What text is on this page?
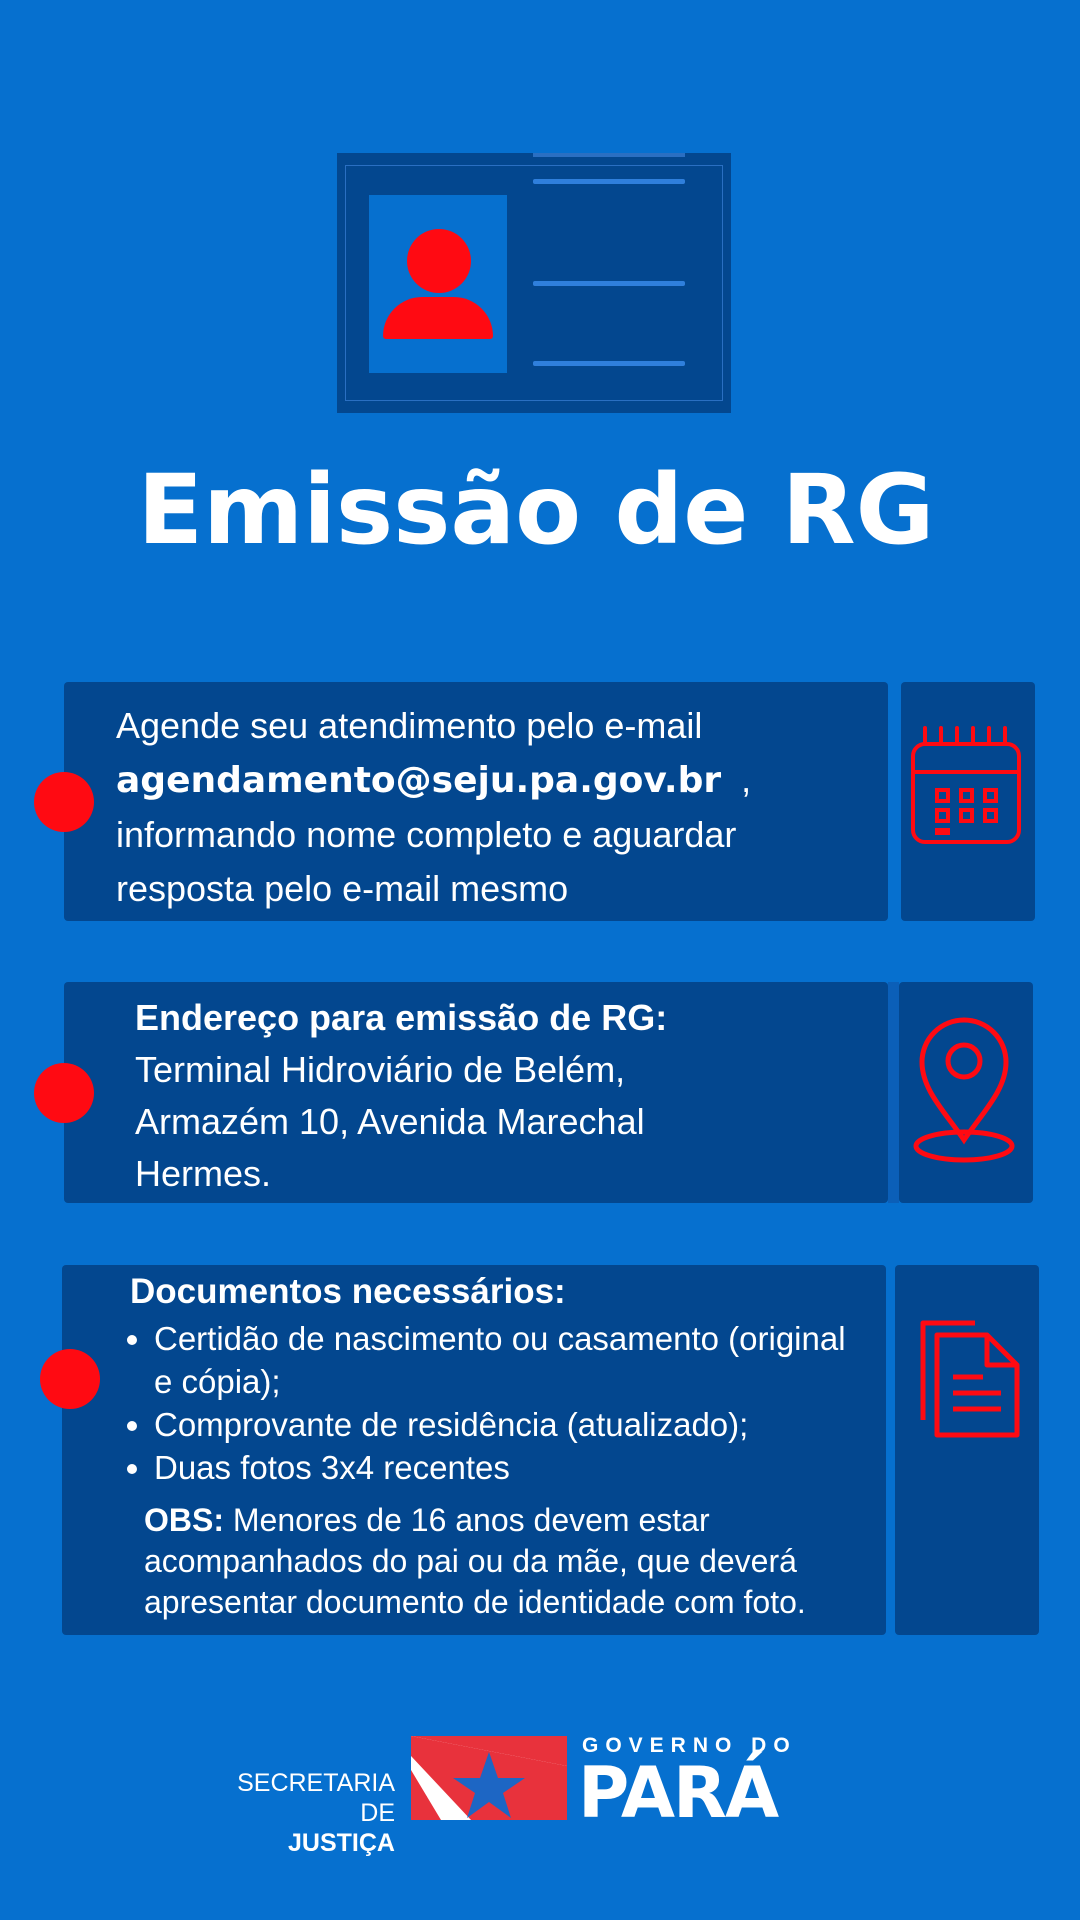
Emissão de RG
Agende seu atendimento pelo e-mail
agendamento@seju.pa.gov.br ,
informando nome completo e aguardar
resposta pelo e-mail mesmo
Endereço para emissão de RG:
Terminal Hidroviário de Belém,
Armazém 10, Avenida Marechal
Hermes.
Documentos necessários:
• Certidão de nascimento ou casamento (original e cópia);
• Comprovante de residência (atualizado);
• Duas fotos 3x4 recentes
OBS: Menores de 16 anos devem estar acompanhados do pai ou da mãe, que deverá apresentar documento de identidade com foto.
SECRETARIA DE
JUSTIÇA
GOVERNO DO
PARÁ
